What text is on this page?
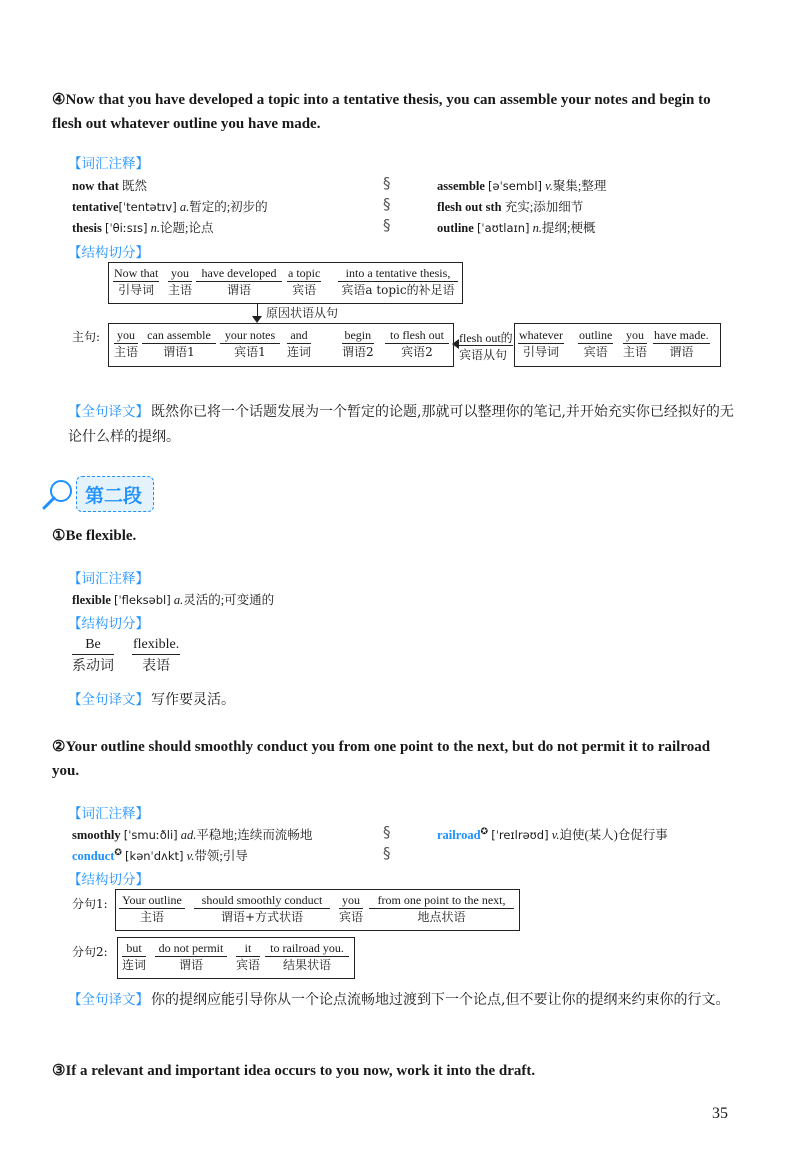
④Now that you have developed a topic into a tentative thesis, you can assemble your notes and begin to flesh out whatever outline you have made.
【词汇注释】
now that 既然
tentative[ˈtentətɪv] a.暂定的;初步的
thesis [ˈθiːsɪs] n.论题;论点
§
§
§
assemble [əˈsembl] v.聚集;整理
flesh out sth 充实;添加细节
outline [ˈaʊtlaɪn] n.提纲;梗概
【结构切分】
Now that
引导词
you
主语
have developed
谓语
a topic
宾语
into a tentative thesis,
宾语a topic的补足语
原因状语从句
主句: you
主语
can assemble
谓语1
your notes
宾语1
and
连词
begin
谓语2
to flesh out
宾语2
flesh out的
宾语从句
whatever
引导词
outline
宾语
you
主语
have made.
谓语
【全句译文】 既然你已将一个话题发展为一个暂定的论题,那就可以整理你的笔记,并开始充实你已经拟好的无论什么样的提纲。
第二段
①Be flexible.
【词汇注释】
flexible [ˈfleksəbl] a.灵活的;可变通的
【结构切分】
Be
系动词
flexible.
表语
【全句译文】 写作要灵活。
②Your outline should smoothly conduct you from one point to the next, but do not permit it to railroad you.
【词汇注释】
smoothly [ˈsmuːðli] ad.平稳地;连续而流畅地
conduct✪ [kənˈdʌkt] v.带领;引导
§
§
railroad✪ [ˈreɪlrəʊd] v.迫使(某人)仓促行事
【结构切分】
分句1: Your outline
主语
should smoothly conduct
谓语+方式状语
you
宾语
from one point to the next,
地点状语
分句2:	but
连词
do not permit
谓语
it
宾语
to railroad you.
结果状语
【全句译文】 你的提纲应能引导你从一个论点流畅地过渡到下一个论点,但不要让你的提纲来约束你的行文。
③If a relevant and important idea occurs to you now, work it into the draft.
35
